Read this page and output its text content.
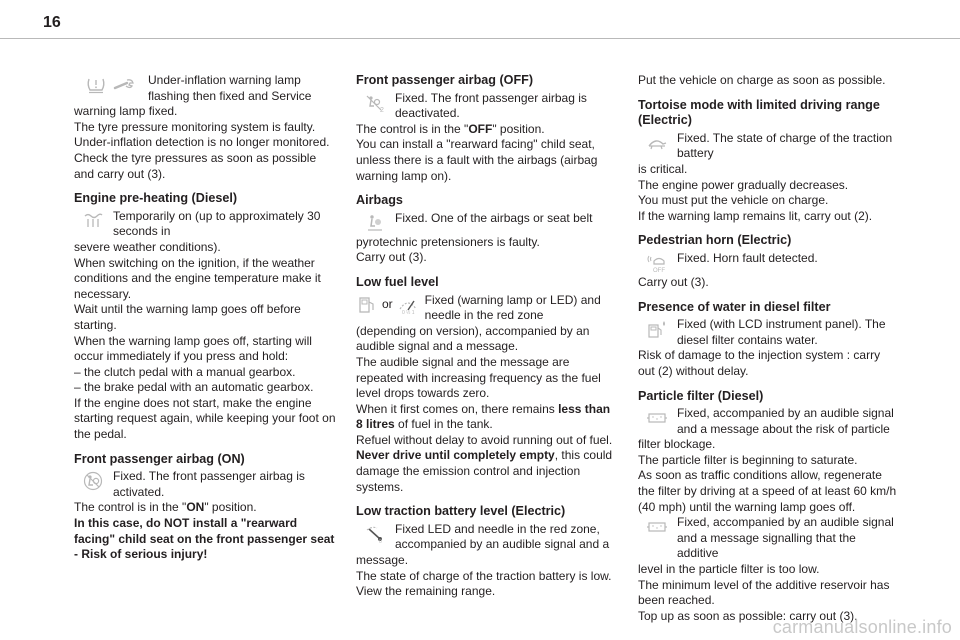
16
Under-inflation warning lamp flashing then fixed and Service

warning lamp fixed.

The tyre pressure monitoring system is faulty.

Under-inflation detection is no longer monitored.

Check the tyre pressures as soon as possible and carry out (3).

Engine pre-heating (Diesel)
Temporarily on (up to approximately 30 seconds in

severe weather conditions).

When switching on the ignition, if the weather conditions and the engine temperature make it necessary.

Wait until the warning lamp goes off before starting.

When the warning lamp goes off, starting will occur immediately if you press and hold:

– the clutch pedal with a manual gearbox.

– the brake pedal with an automatic gearbox.

If the engine does not start, make the engine starting request again, while keeping your foot on the pedal.

Front passenger airbag (ON)
Fixed. The front passenger airbag is activated.

The control is in the "ON" position.

In this case, do NOT install a "rearward facing" child seat on the front passenger seat - Risk of serious injury!

Front passenger airbag (OFF)
2
Fixed. The front passenger airbag is deactivated.

The control is in the "OFF" position.

You can install a "rearward facing" child seat, unless there is a fault with the airbags (airbag warning lamp on).

Airbags
Fixed. One of the airbags or seat belt

pyrotechnic pretensioners is faulty.

Carry out (3).

Low fuel level
or
0 ½ 1
Fixed (warning lamp or LED) and needle in the red zone

(depending on version), accompanied by an audible signal and a message.

The audible signal and the message are repeated with increasing frequency as the fuel level drops towards zero.

When it first comes on, there remains less than 8 litres of fuel in the tank.

Refuel without delay to avoid running out of fuel.

Never drive until completely empty, this could damage the emission control and injection systems.

Low traction battery level (Electric)
0
Fixed LED and needle in the red zone, accompanied by an audible signal and a

message.

The state of charge of the traction battery is low.

View the remaining range.

Put the vehicle on charge as soon as possible.

Tortoise mode with limited driving range (Electric)
Fixed. The state of charge of the traction battery

is critical.

The engine power gradually decreases.

You must put the vehicle on charge.

If the warning lamp remains lit, carry out (2).

Pedestrian horn (Electric)
OFF
Fixed. Horn fault detected.

Carry out (3).

Presence of water in diesel filter
Fixed (with LCD instrument panel). The diesel filter contains water.

Risk of damage to the injection system : carry out (2) without delay.

Particle filter (Diesel)
Fixed, accompanied by an audible signal and a message about the risk of particle

filter blockage.

The particle filter is beginning to saturate.

As soon as traffic conditions allow, regenerate the filter by driving at a speed of at least 60 km/h (40 mph) until the warning lamp goes off.

Fixed, accompanied by an audible signal and a message signalling that the additive

level in the particle filter is too low.

The minimum level of the additive reservoir has been reached.

Top up as soon as possible: carry out (3).

carmanualsonline.info
